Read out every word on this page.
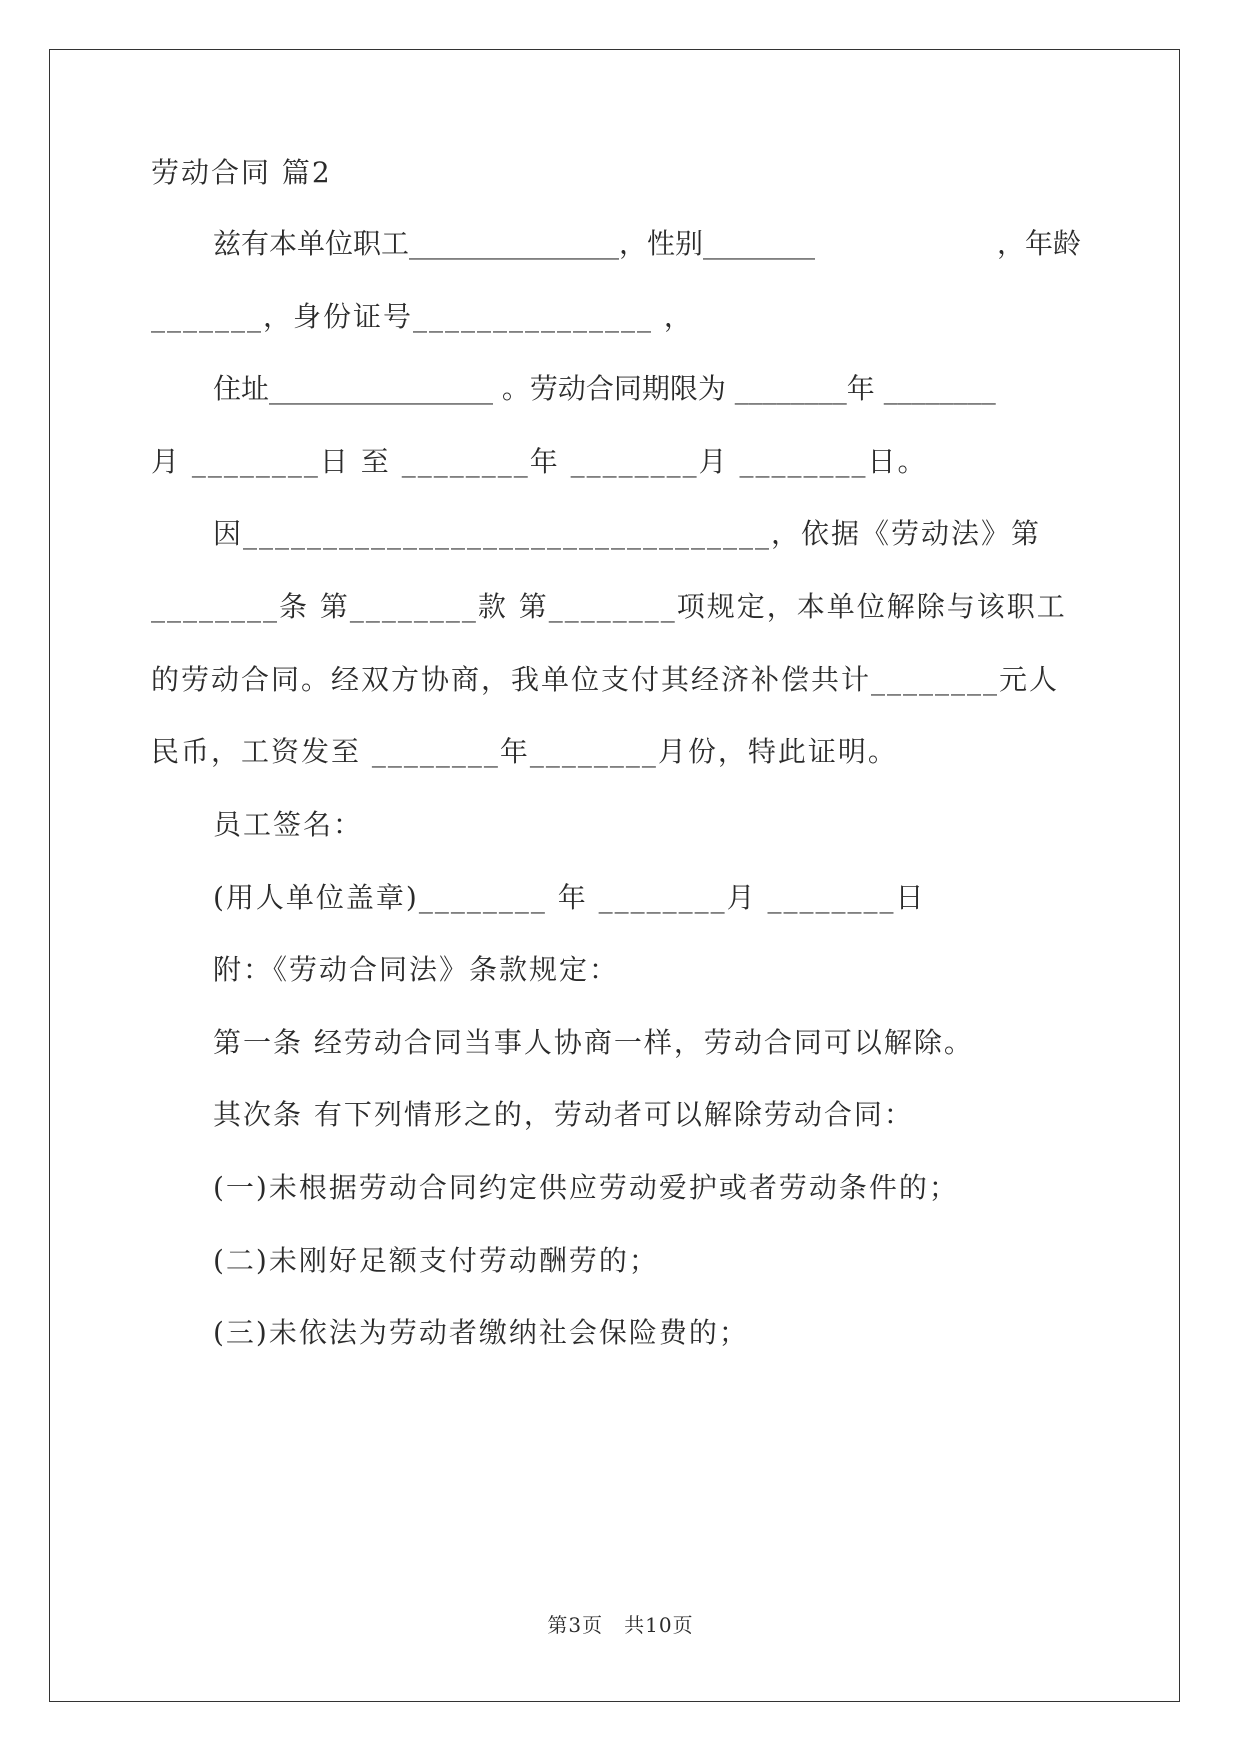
劳动合同 篇2
兹有本单位职工_______________，性别________	，年龄
_______，身份证号_______________ ，
住址________________ 。劳动合同期限为 ________年 ________
月 ________日 至 ________年 ________月 ________日。
因_________________________________，依据《劳动法》第
________条 第________款 第________项规定，本单位解除与该职工
的劳动合同。经双方协商，我单位支付其经济补偿共计________元人
民币，工资发至 ________年________月份，特此证明。
员工签名：
(用人单位盖章)________ 年 ________月 ________日
附：《劳动合同法》条款规定：
第一条 经劳动合同当事人协商一样，劳动合同可以解除。
其次条 有下列情形之的，劳动者可以解除劳动合同：
(一)未根据劳动合同约定供应劳动爱护或者劳动条件的；
(二)未刚好足额支付劳动酬劳的；
(三)未依法为劳动者缴纳社会保险费的；
第3页　共10页
